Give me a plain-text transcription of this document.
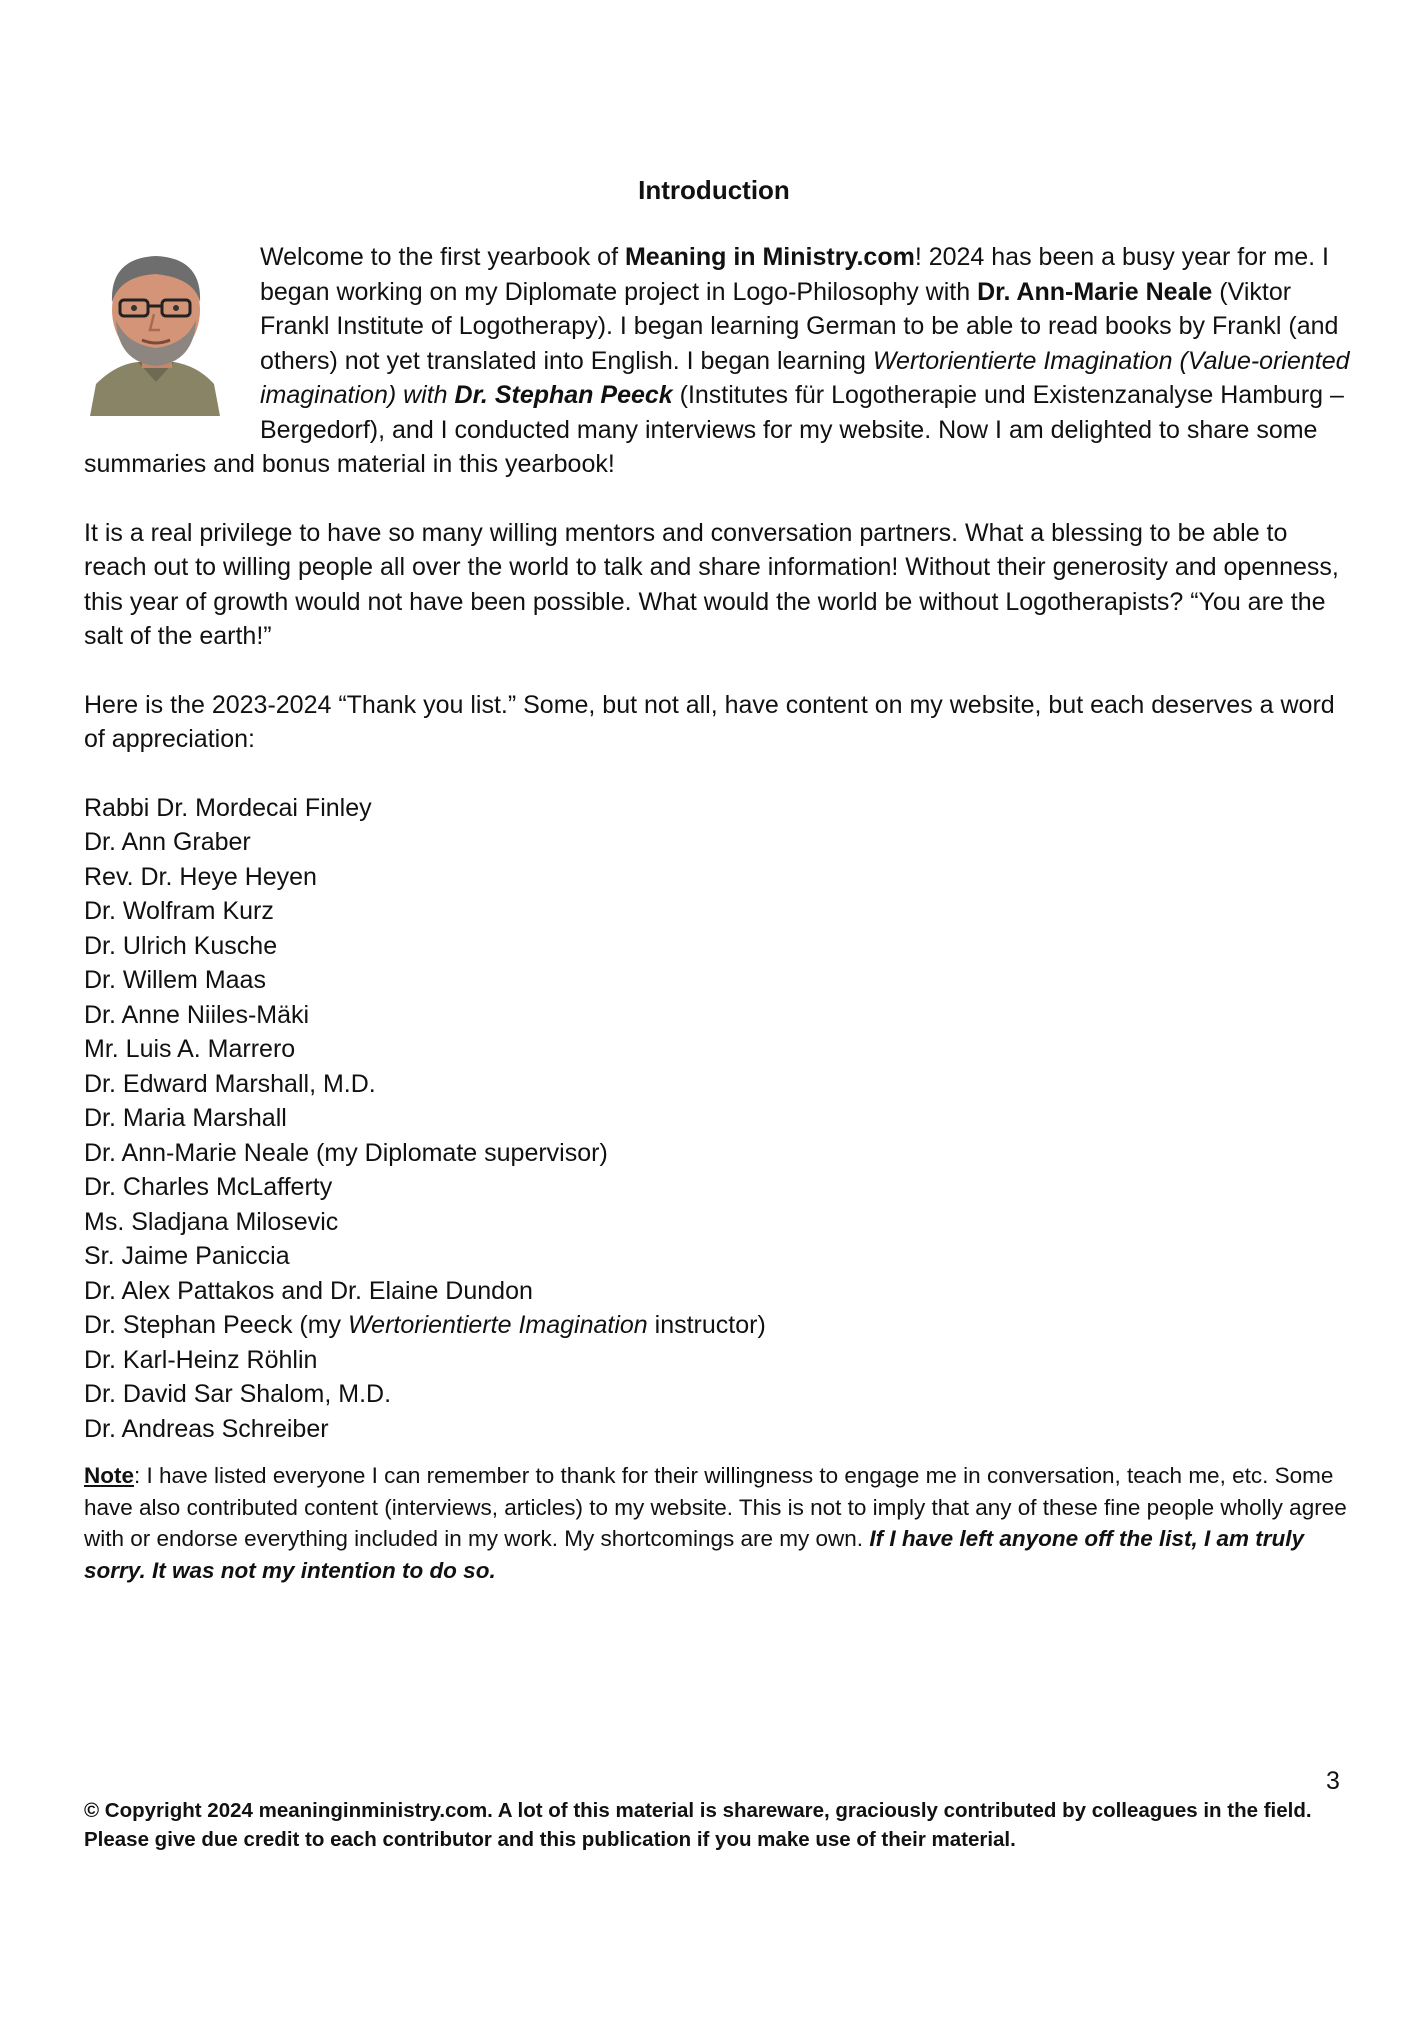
Introduction

Welcome to the first yearbook of Meaning in Ministry.com! 2024 has been a busy year for me. I began working on my Diplomate project in Logo-Philosophy with Dr. Ann-Marie Neale (Viktor Frankl Institute of Logotherapy). I began learning German to be able to read books by Frankl (and others) not yet translated into English. I began learning Wertorientierte Imagination (Value-oriented imagination) with Dr. Stephan Peeck (Institutes für Logotherapie und Existenzanalyse Hamburg – Bergedorf), and I conducted many interviews for my website. Now I am delighted to share some summaries and bonus material in this yearbook!

It is a real privilege to have so many willing mentors and conversation partners. What a blessing to be able to reach out to willing people all over the world to talk and share information! Without their generosity and openness, this year of growth would not have been possible. What would the world be without Logotherapists? “You are the salt of the earth!”

Here is the 2023-2024 “Thank you list.” Some, but not all, have content on my website, but each deserves a word of appreciation:

Rabbi Dr. Mordecai Finley
Dr. Ann Graber
Rev. Dr. Heye Heyen
Dr. Wolfram Kurz
Dr. Ulrich Kusche
Dr. Willem Maas
Dr. Anne Niiles-Mäki
Mr. Luis A. Marrero
Dr. Edward Marshall, M.D.
Dr. Maria Marshall
Dr. Ann-Marie Neale (my Diplomate supervisor)
Dr. Charles McLafferty
Ms. Sladjana Milosevic
Sr. Jaime Paniccia
Dr. Alex Pattakos and Dr. Elaine Dundon
Dr. Stephan Peeck (my Wertorientierte Imagination instructor)
Dr. Karl-Heinz Röhlin
Dr. David Sar Shalom, M.D.
Dr. Andreas Schreiber

Note: I have listed everyone I can remember to thank for their willingness to engage me in conversation, teach me, etc. Some have also contributed content (interviews, articles) to my website. This is not to imply that any of these fine people wholly agree with or endorse everything included in my work. My shortcomings are my own. If I have left anyone off the list, I am truly sorry. It was not my intention to do so.

3
© Copyright 2024 meaninginministry.com. A lot of this material is shareware, graciously contributed by colleagues in the field. Please give due credit to each contributor and this publication if you make use of their material.
